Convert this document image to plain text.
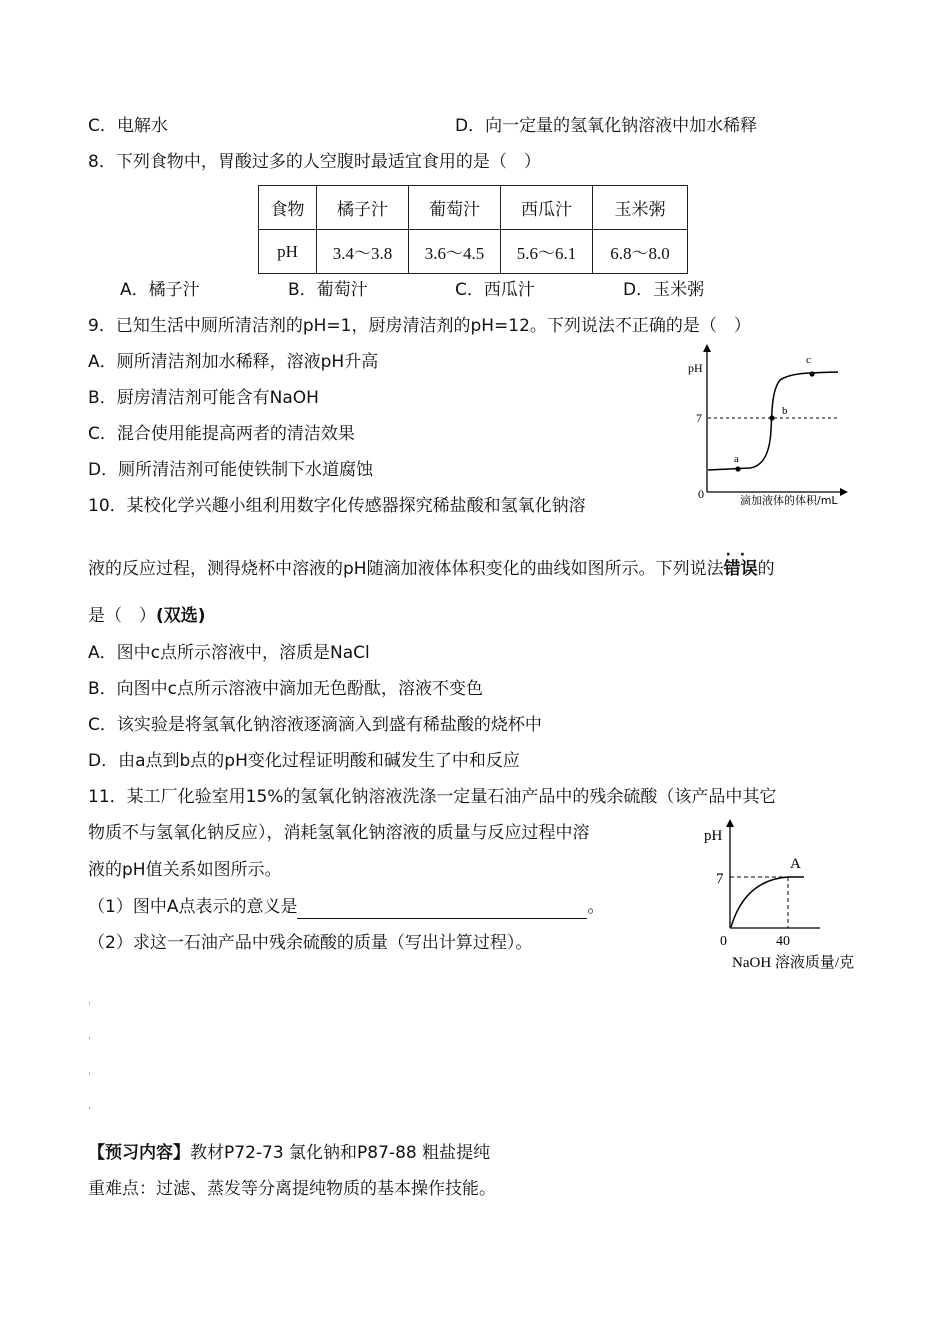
C．电解水	D．向一定量的氢氧化钠溶液中加水稀释
8．下列食物中，胃酸过多的人空腹时最适宜食用的是（　）
食物	橘子汁	葡萄汁	西瓜汁	玉米粥
pH	3.4～3.8	3.6～4.5	5.6～6.1	6.8～8.0
A．橘子汁	B．葡萄汁	C．西瓜汁	D．玉米粥
9．已知生活中厕所清洁剂的pH=1，厨房清洁剂的pH=12。下列说法不正确的是（　）
A．厕所清洁剂加水稀释，溶液pH升高
B．厨房清洁剂可能含有NaOH
C．混合使用能提高两者的清洁效果
D．厕所清洁剂可能使铁制下水道腐蚀
pH
7
0
a
b
c
滴加液体的体积/mL
10．某校化学兴趣小组利用数字化传感器探究稀盐酸和氢氧化钠溶
液的反应过程，测得烧杯中溶液的pH随滴加液体体积变化的曲线如图所示。下列说法· · 错误的
是（　）(双选)
A．图中c点所示溶液中，溶质是NaCl
B．向图中c点所示溶液中滴加无色酚酞，溶液不变色
C．该实验是将氢氧化钠溶液逐滴滴入到盛有稀盐酸的烧杯中
D．由a点到b点的pH变化过程证明酸和碱发生了中和反应
11．某工厂化验室用15%的氢氧化钠溶液洗涤一定量石油产品中的残余硫酸（该产品中其它
物质不与氢氧化钠反应），消耗氢氧化钠溶液的质量与反应过程中溶
液的pH值关系如图所示。
（1）图中A点表示的意义是	。
（2）求这一石油产品中残余硫酸的质量（写出计算过程）。
pH
7
0	40
A
NaOH 溶液质量/克
ˌ
ˌ
ˌ
ˌ
【预习内容】教材P72-73 氯化钠和P87-88 粗盐提纯
重难点：过滤、蒸发等分离提纯物质的基本操作技能。
